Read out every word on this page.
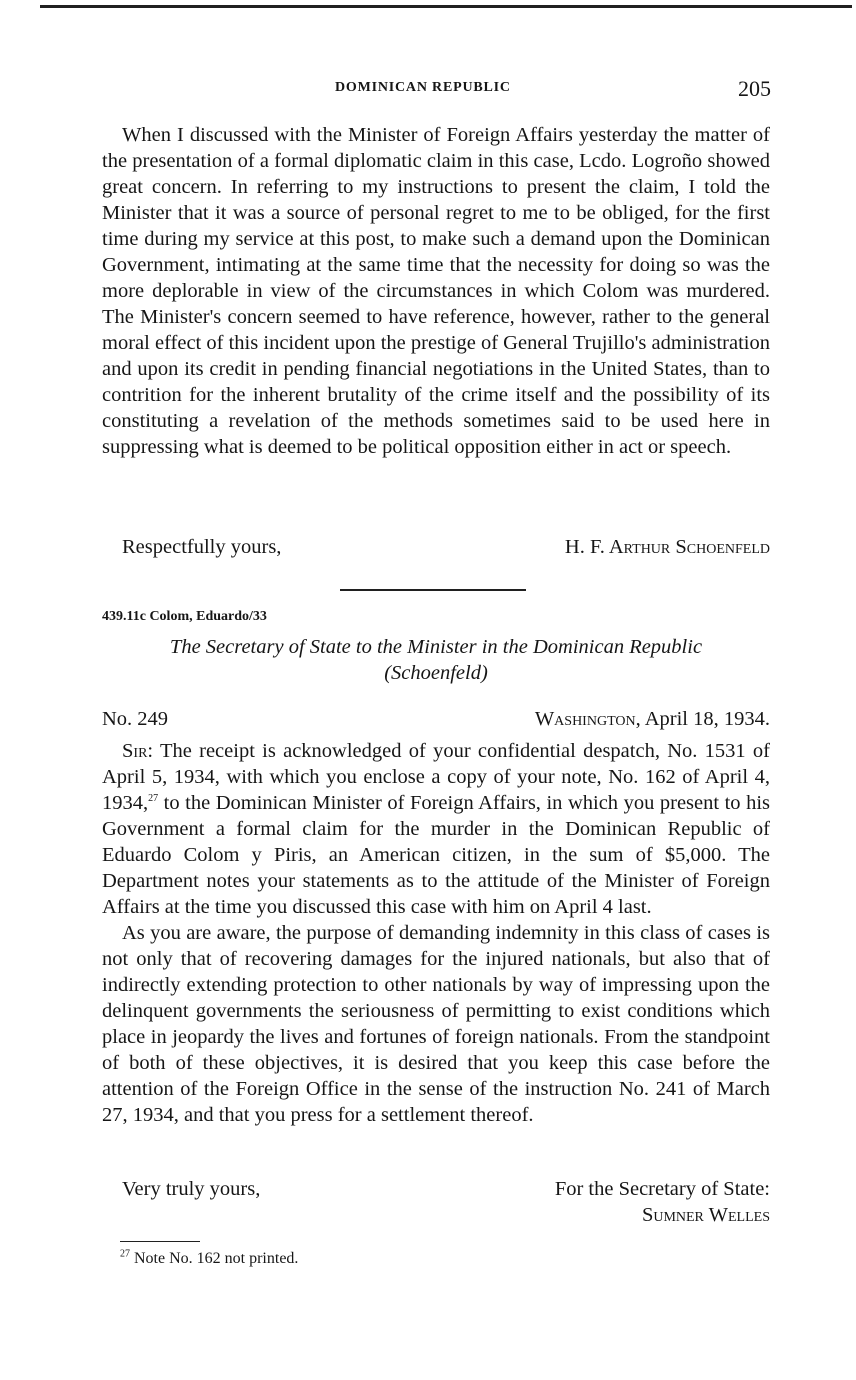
DOMINICAN REPUBLIC	205

When I discussed with the Minister of Foreign Affairs yesterday the matter of the presentation of a formal diplomatic claim in this case, Lcdo. Logroño showed great concern. In referring to my instructions to present the claim, I told the Minister that it was a source of personal regret to me to be obliged, for the first time during my service at this post, to make such a demand upon the Dominican Government, intimating at the same time that the necessity for doing so was the more deplorable in view of the circumstances in which Colom was murdered. The Minister's concern seemed to have reference, however, rather to the general moral effect of this incident upon the prestige of General Trujillo's administration and upon its credit in pending financial negotiations in the United States, than to contrition for the inherent brutality of the crime itself and the possibility of its constituting a revelation of the methods sometimes said to be used here in suppressing what is deemed to be political opposition either in act or speech.

Respectfully yours,	H. F. Arthur Schoenfeld
439.11c Colom, Eduardo/33
The Secretary of State to the Minister in the Dominican Republic
(Schoenfeld)
No. 249	Washington, April 18, 1934.

Sir: The receipt is acknowledged of your confidential despatch, No. 1531 of April 5, 1934, with which you enclose a copy of your note, No. 162 of April 4, 1934,27 to the Dominican Minister of Foreign Affairs, in which you present to his Government a formal claim for the murder in the Dominican Republic of Eduardo Colom y Piris, an American citizen, in the sum of $5,000. The Department notes your statements as to the attitude of the Minister of Foreign Affairs at the time you discussed this case with him on April 4 last.

As you are aware, the purpose of demanding indemnity in this class of cases is not only that of recovering damages for the injured nationals, but also that of indirectly extending protection to other nationals by way of impressing upon the delinquent governments the seriousness of permitting to exist conditions which place in jeopardy the lives and fortunes of foreign nationals. From the standpoint of both of these objectives, it is desired that you keep this case before the attention of the Foreign Office in the sense of the instruction No. 241 of March 27, 1934, and that you press for a settlement thereof.

Very truly yours,	For the Secretary of State:
Sumner Welles
$^{27}$ Note No. 162 not printed.
